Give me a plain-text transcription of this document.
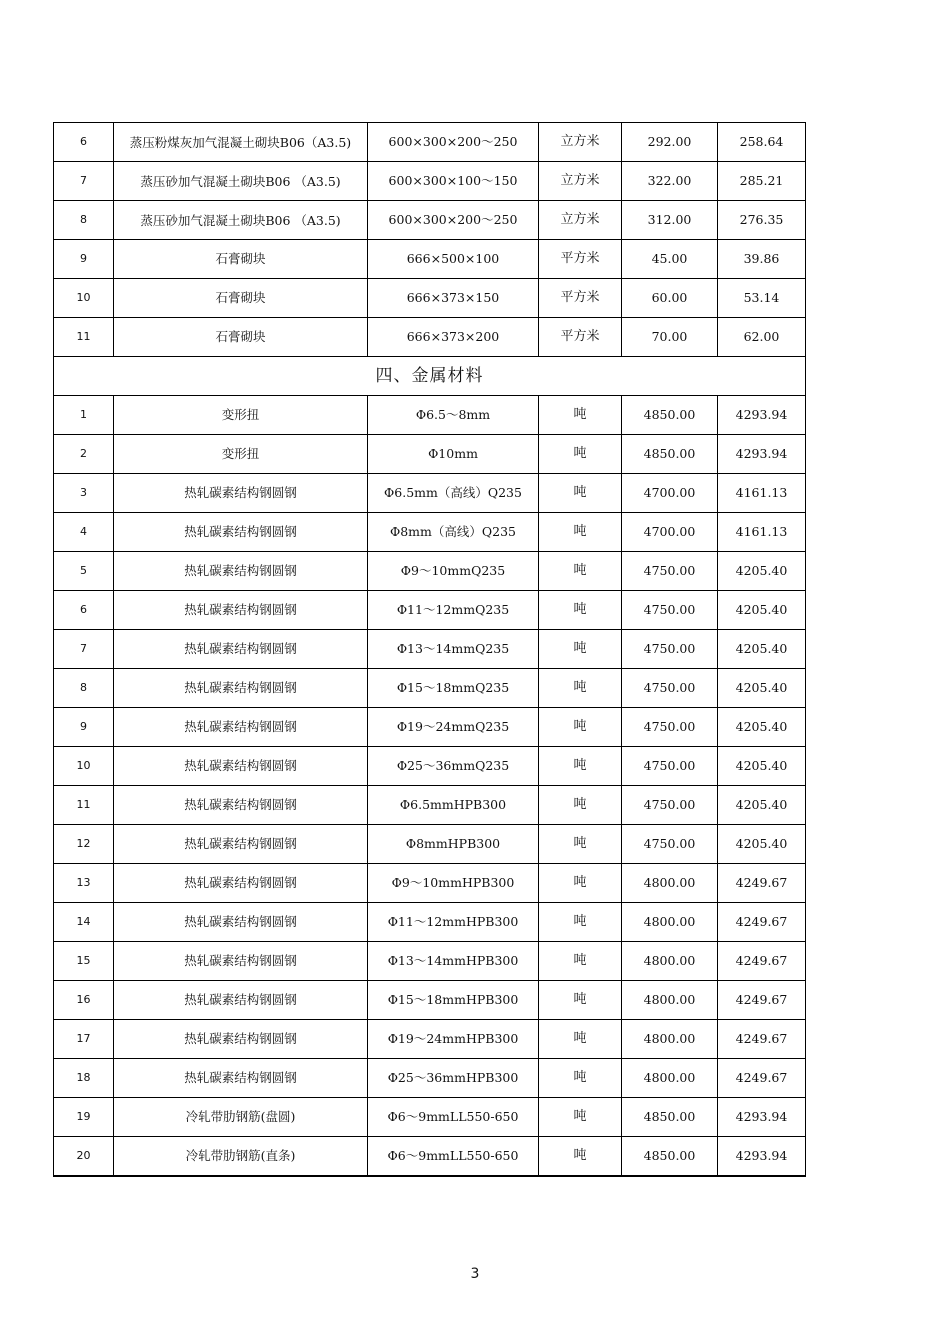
6	蒸压粉煤灰加气混凝土砌块B06（A3.5)	600×300×200～250	立方米	292.00	258.64
7	蒸压砂加气混凝土砌块B06 （A3.5)	600×300×100～150	立方米	322.00	285.21
8	蒸压砂加气混凝土砌块B06 （A3.5)	600×300×200～250	立方米	312.00	276.35
9	石膏砌块	666×500×100	平方米	45.00	39.86
10	石膏砌块	666×373×150	平方米	60.00	53.14
11	石膏砌块	666×373×200	平方米	70.00	62.00
四、金属材料					
1	变形扭	Φ6.5～8mm	吨	4850.00	4293.94
2	变形扭	Φ10mm	吨	4850.00	4293.94
3	热轧碳素结构钢圆钢	Φ6.5mm（高线）Q235	吨	4700.00	4161.13
4	热轧碳素结构钢圆钢	Φ8mm（高线）Q235	吨	4700.00	4161.13
5	热轧碳素结构钢圆钢	Φ9～10mmQ235	吨	4750.00	4205.40
6	热轧碳素结构钢圆钢	Φ11～12mmQ235	吨	4750.00	4205.40
7	热轧碳素结构钢圆钢	Φ13～14mmQ235	吨	4750.00	4205.40
8	热轧碳素结构钢圆钢	Φ15～18mmQ235	吨	4750.00	4205.40
9	热轧碳素结构钢圆钢	Φ19～24mmQ235	吨	4750.00	4205.40
10	热轧碳素结构钢圆钢	Φ25～36mmQ235	吨	4750.00	4205.40
11	热轧碳素结构钢圆钢	Φ6.5mmHPB300	吨	4750.00	4205.40
12	热轧碳素结构钢圆钢	Φ8mmHPB300	吨	4750.00	4205.40
13	热轧碳素结构钢圆钢	Φ9～10mmHPB300	吨	4800.00	4249.67
14	热轧碳素结构钢圆钢	Φ11～12mmHPB300	吨	4800.00	4249.67
15	热轧碳素结构钢圆钢	Φ13～14mmHPB300	吨	4800.00	4249.67
16	热轧碳素结构钢圆钢	Φ15～18mmHPB300	吨	4800.00	4249.67
17	热轧碳素结构钢圆钢	Φ19～24mmHPB300	吨	4800.00	4249.67
18	热轧碳素结构钢圆钢	Φ25～36mmHPB300	吨	4800.00	4249.67
19	冷轧带肋钢筋(盘圆)	Φ6～9mmLL550-650	吨	4850.00	4293.94
20	冷轧带肋钢筋(直条)	Φ6～9mmLL550-650	吨	4850.00	4293.94
3
